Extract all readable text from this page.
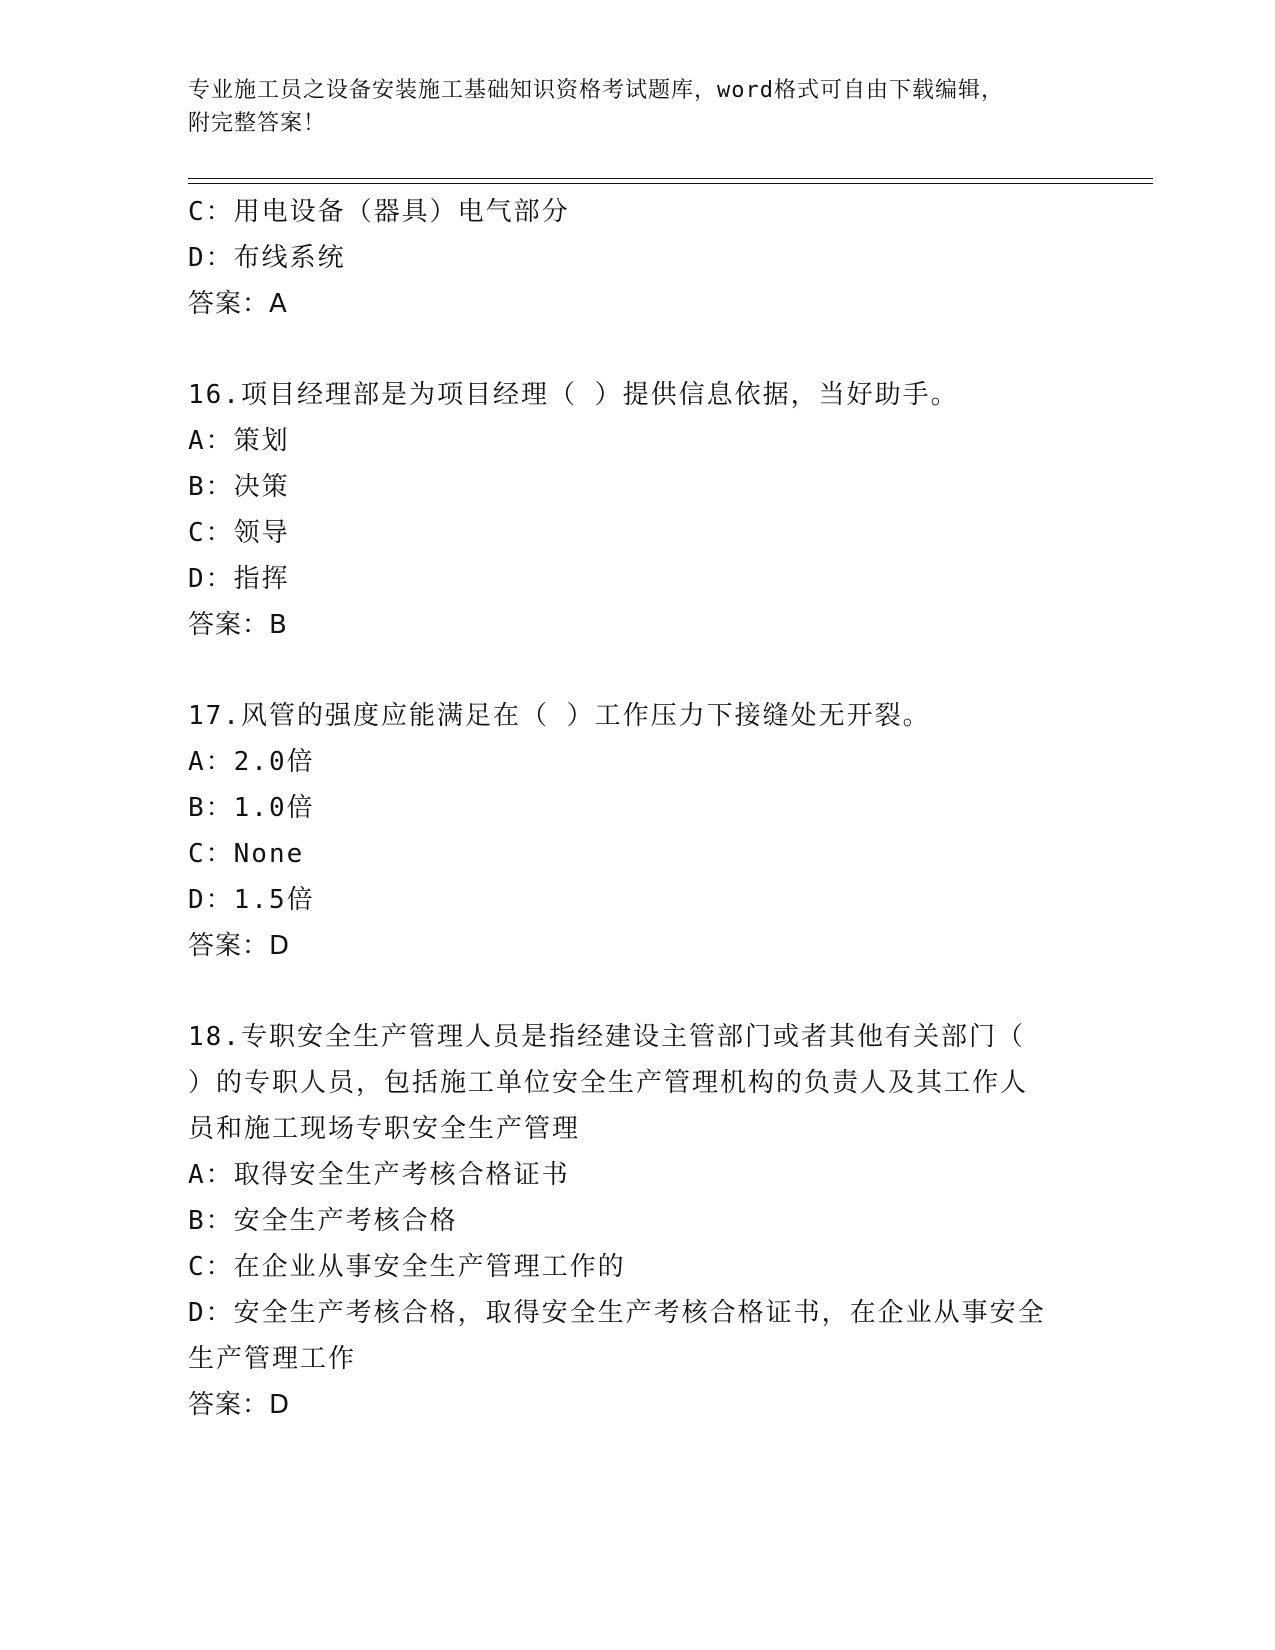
专业施工员之设备安装施工基础知识资格考试题库，word格式可自由下载编辑，
附完整答案！
C：用电设备（器具）电气部分
D：布线系统
答案：A
16.项目经理部是为项目经理（ ）提供信息依据，当好助手。
A：策划
B：决策
C：领导
D：指挥
答案：B
17.风管的强度应能满足在（ ）工作压力下接缝处无开裂。
A：2.0倍
B：1.0倍
C：None
D：1.5倍
答案：D
18.专职安全生产管理人员是指经建设主管部门或者其他有关部门（
）的专职人员，包括施工单位安全生产管理机构的负责人及其工作人
员和施工现场专职安全生产管理
A：取得安全生产考核合格证书
B：安全生产考核合格
C：在企业从事安全生产管理工作的
D：安全生产考核合格，取得安全生产考核合格证书，在企业从事安全
生产管理工作
答案：D
